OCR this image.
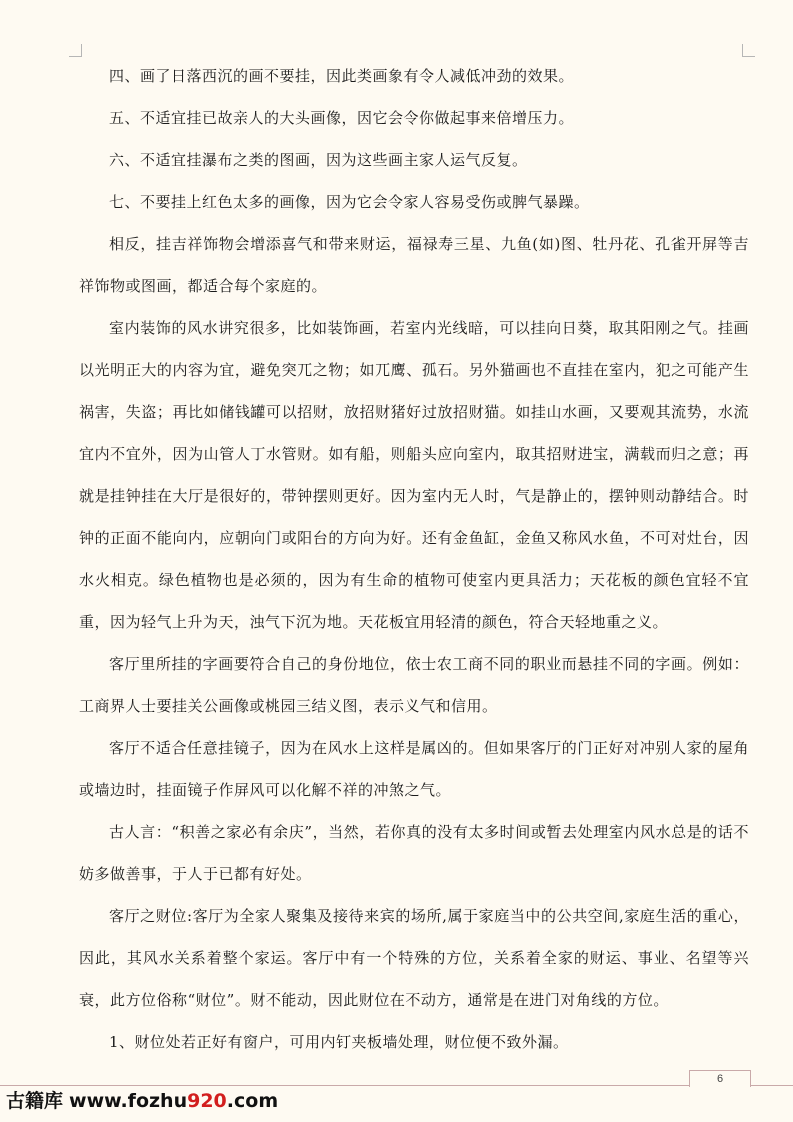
四、画了日落西沉的画不要挂，因此类画象有令人减低冲劲的效果。

五、不适宜挂已故亲人的大头画像，因它会令你做起事来倍增压力。

六、不适宜挂瀑布之类的图画，因为这些画主家人运气反复。

七、不要挂上红色太多的画像，因为它会令家人容易受伤或脾气暴躁。

相反，挂吉祥饰物会增添喜气和带来财运，福禄寿三星、九鱼(如)图、牡丹花、孔雀开屏等吉祥饰物或图画，都适合每个家庭的。

室内装饰的风水讲究很多，比如装饰画，若室内光线暗，可以挂向日葵，取其阳刚之气。挂画以光明正大的内容为宜，避免突兀之物；如兀鹰、孤石。另外猫画也不直挂在室内，犯之可能产生祸害，失盗；再比如储钱罐可以招财，放招财猪好过放招财猫。如挂山水画，又要观其流势，水流宜内不宜外，因为山管人丁水管财。如有船，则船头应向室内，取其招财进宝，满载而归之意；再就是挂钟挂在大厅是很好的，带钟摆则更好。因为室内无人时，气是静止的，摆钟则动静结合。时钟的正面不能向内，应朝向门或阳台的方向为好。还有金鱼缸，金鱼又称风水鱼，不可对灶台，因水火相克。绿色植物也是必须的，因为有生命的植物可使室内更具活力；天花板的颜色宜轻不宜重，因为轻气上升为天，浊气下沉为地。天花板宜用轻清的颜色，符合天轻地重之义。

客厅里所挂的字画要符合自己的身份地位，依士农工商不同的职业而悬挂不同的字画。例如：工商界人士要挂关公画像或桃园三结义图，表示义气和信用。

客厅不适合任意挂镜子，因为在风水上这样是属凶的。但如果客厅的门正好对冲别人家的屋角或墙边时，挂面镜子作屏风可以化解不祥的冲煞之气。

古人言：“积善之家必有余庆”，当然，若你真的没有太多时间或暂去处理室内风水总是的话不妨多做善事，于人于已都有好处。

客厅之财位:客厅为全家人聚集及接待来宾的场所,属于家庭当中的公共空间,家庭生活的重心，因此，其风水关系着整个家运。客厅中有一个特殊的方位，关系着全家的财运、事业、名望等兴衰，此方位俗称“财位”。财不能动，因此财位在不动方，通常是在进门对角线的方位。

1、财位处若正好有窗户，可用内钉夹板墙处理，财位便不致外漏。

6
古籍库 www.fozhu920.com
